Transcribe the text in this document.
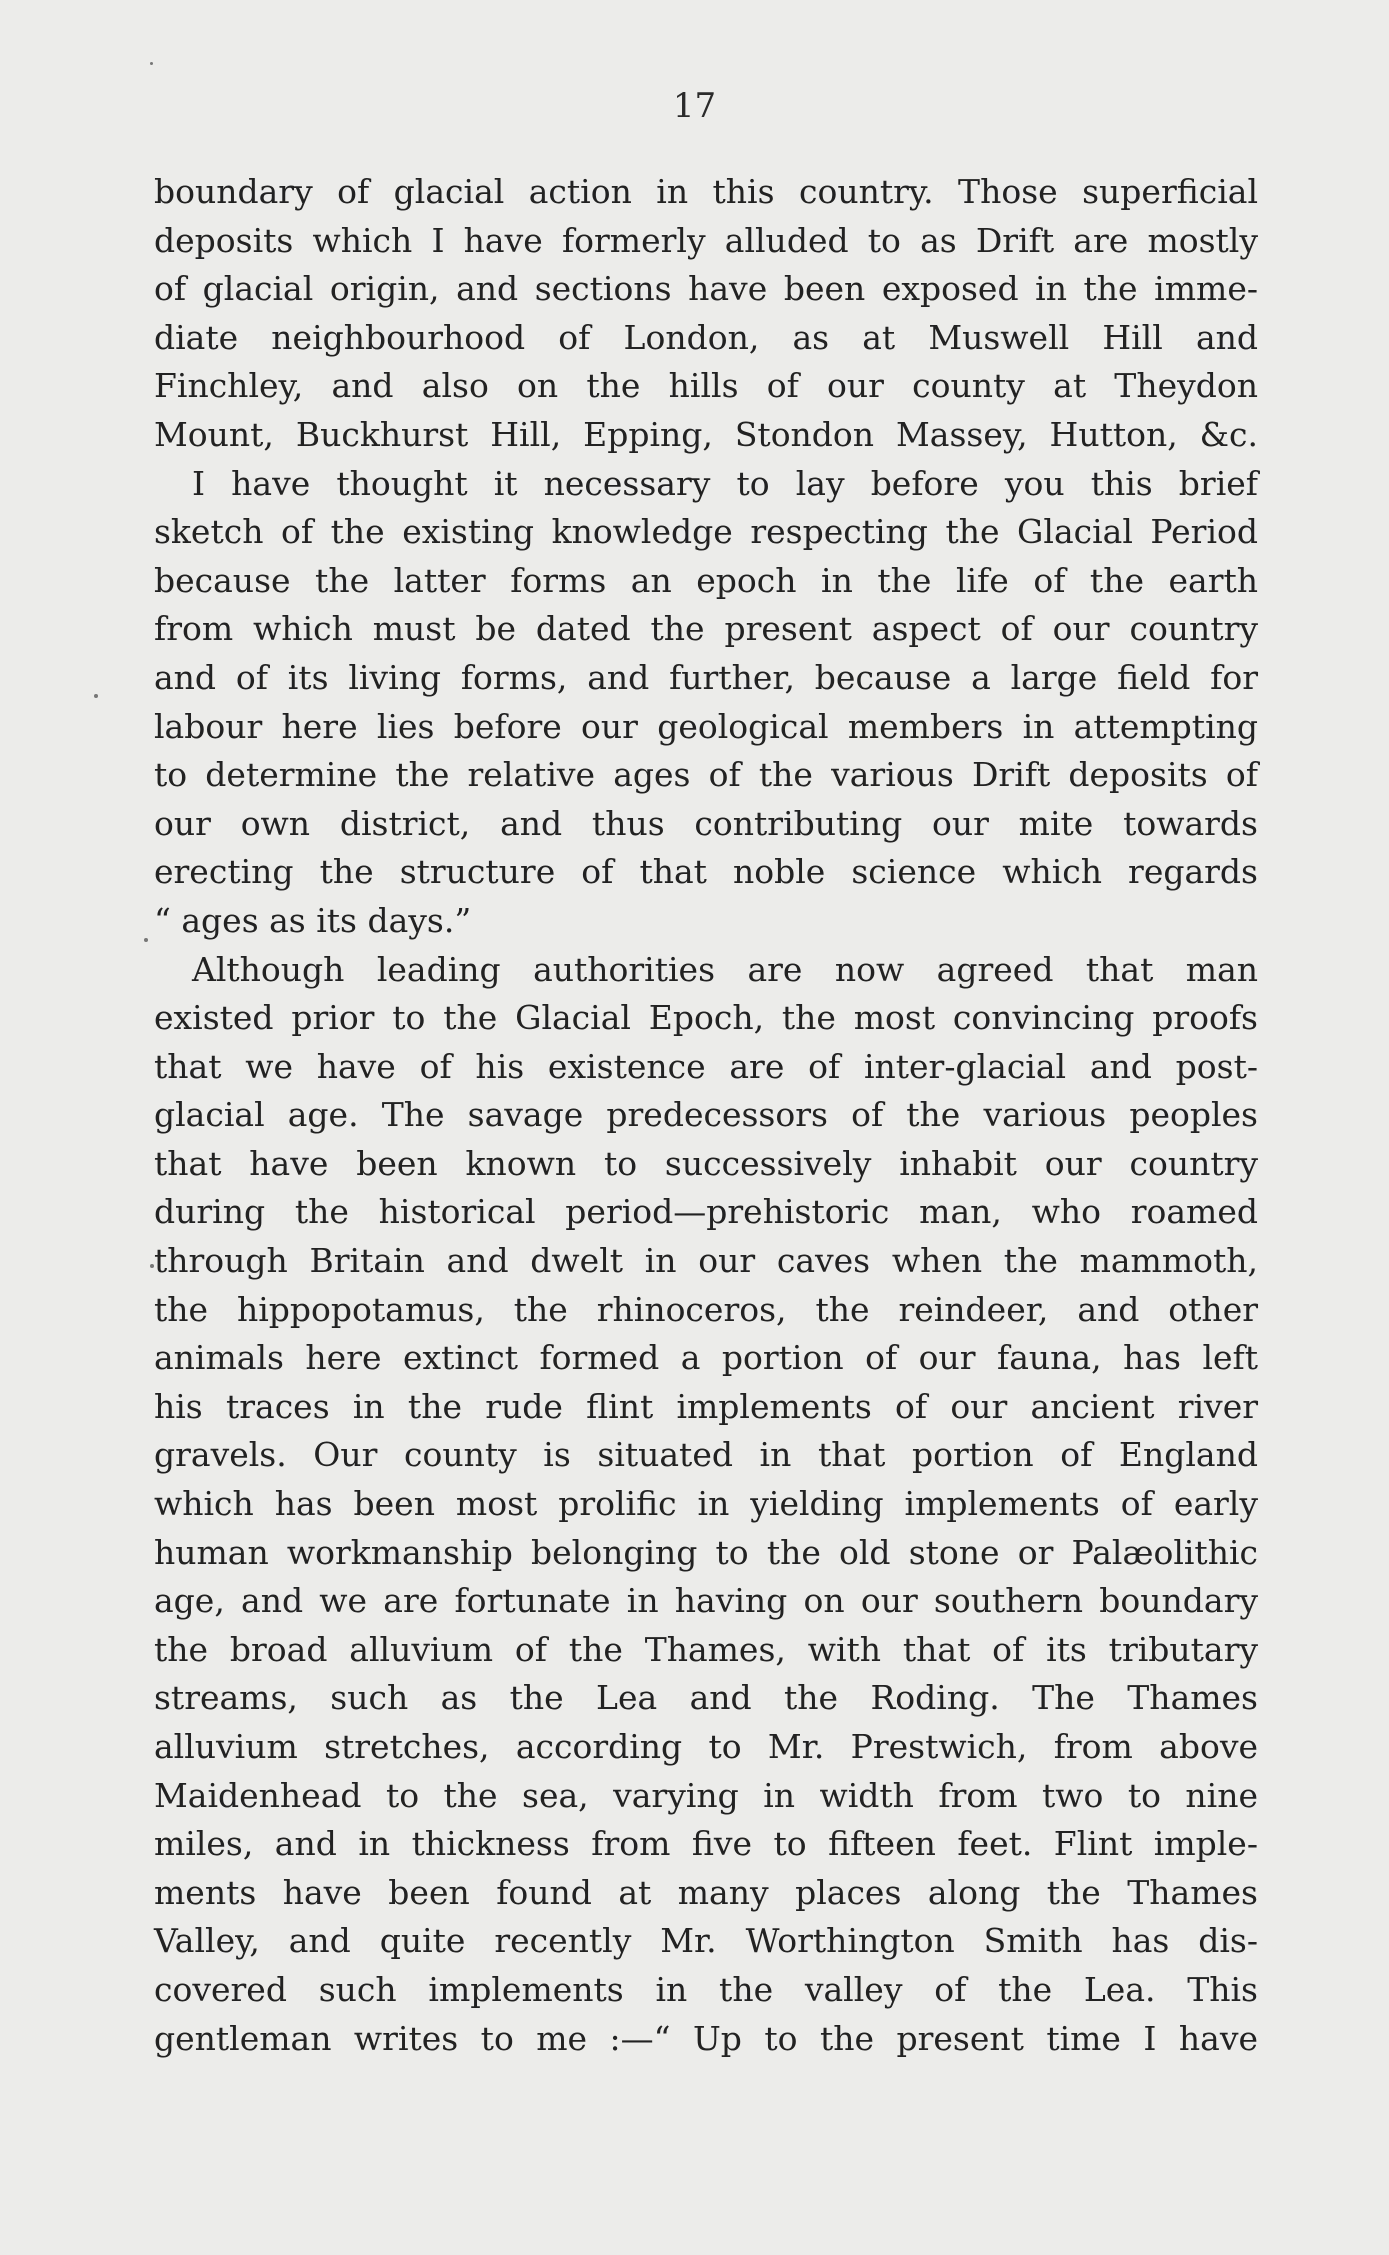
17
boundary of glacial action in this country. Those superficial
deposits which I have formerly alluded to as Drift are mostly
of glacial origin, and sections have been exposed in the imme-
diate neighbourhood of London, as at Muswell Hill and
Finchley, and also on the hills of our county at Theydon
Mount, Buckhurst Hill, Epping, Stondon Massey, Hutton, &c.
I have thought it necessary to lay before you this brief
sketch of the existing knowledge respecting the Glacial Period
because the latter forms an epoch in the life of the earth
from which must be dated the present aspect of our country
and of its living forms, and further, because a large field for
labour here lies before our geological members in attempting
to determine the relative ages of the various Drift deposits of
our own district, and thus contributing our mite towards
erecting the structure of that noble science which regards
“ ages as its days.”
Although leading authorities are now agreed that man
existed prior to the Glacial Epoch, the most convincing proofs
that we have of his existence are of inter-glacial and post-
glacial age. The savage predecessors of the various peoples
that have been known to successively inhabit our country
during the historical period—prehistoric man, who roamed
through Britain and dwelt in our caves when the mammoth,
the hippopotamus, the rhinoceros, the reindeer, and other
animals here extinct formed a portion of our fauna, has left
his traces in the rude flint implements of our ancient river
gravels. Our county is situated in that portion of England
which has been most prolific in yielding implements of early
human workmanship belonging to the old stone or Palæolithic
age, and we are fortunate in having on our southern boundary
the broad alluvium of the Thames, with that of its tributary
streams, such as the Lea and the Roding. The Thames
alluvium stretches, according to Mr. Prestwich, from above
Maidenhead to the sea, varying in width from two to nine
miles, and in thickness from five to fifteen feet. Flint imple-
ments have been found at many places along the Thames
Valley, and quite recently Mr. Worthington Smith has dis-
covered such implements in the valley of the Lea. This
gentleman writes to me :—“ Up to the present time I have
